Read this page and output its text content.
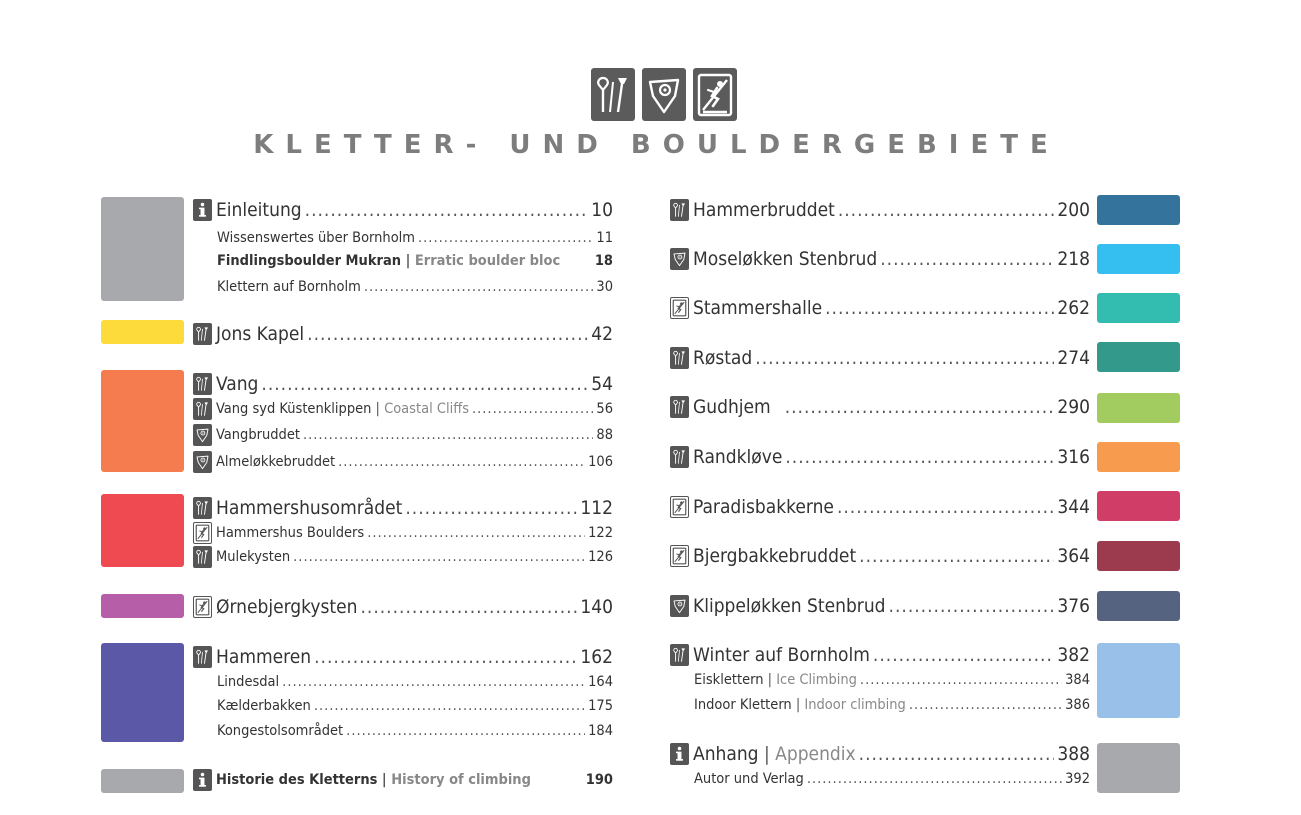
KLETTER- UND BOULDERGEBIETE
Einleitung .....	10
Wissenswertes über Bornholm .....	11
Findlingsboulder Mukran | Erratic boulder bloc 18
Klettern auf Bornholm .....	30
Jons Kapel .....	42
Vang .....	54
Vang syd Küstenklippen | Coastal Cliffs .....	56
Vangbruddet .....	88
Almeløkkebruddet .....	106
Hammershusområdet .....	112
Hammershus Boulders .....	122
Mulekysten .....	126
Ørnebjergkysten .....	140
Hammeren .....	162
Lindesdal .....	164
Kælderbakken .....	175
Kongestolsområdet .....	184
Historie des Kletterns | History of climbing	190
Hammerbruddet .....	200
Moseløkken Stenbrud .....	218
Stammershalle .....	262
Røstad .....	274
Gudhjem .....	290
Randkløve .....	316
Paradisbakkerne .....	344
Bjergbakkebruddet .....	364
Klippeløkken Stenbrud .....	376
Winter auf Bornholm .....	382
Eisklettern | Ice Climbing .....	384
Indoor Klettern | Indoor climbing .....	386
Anhang | Appendix .....	388
Autor und Verlag .....	392
